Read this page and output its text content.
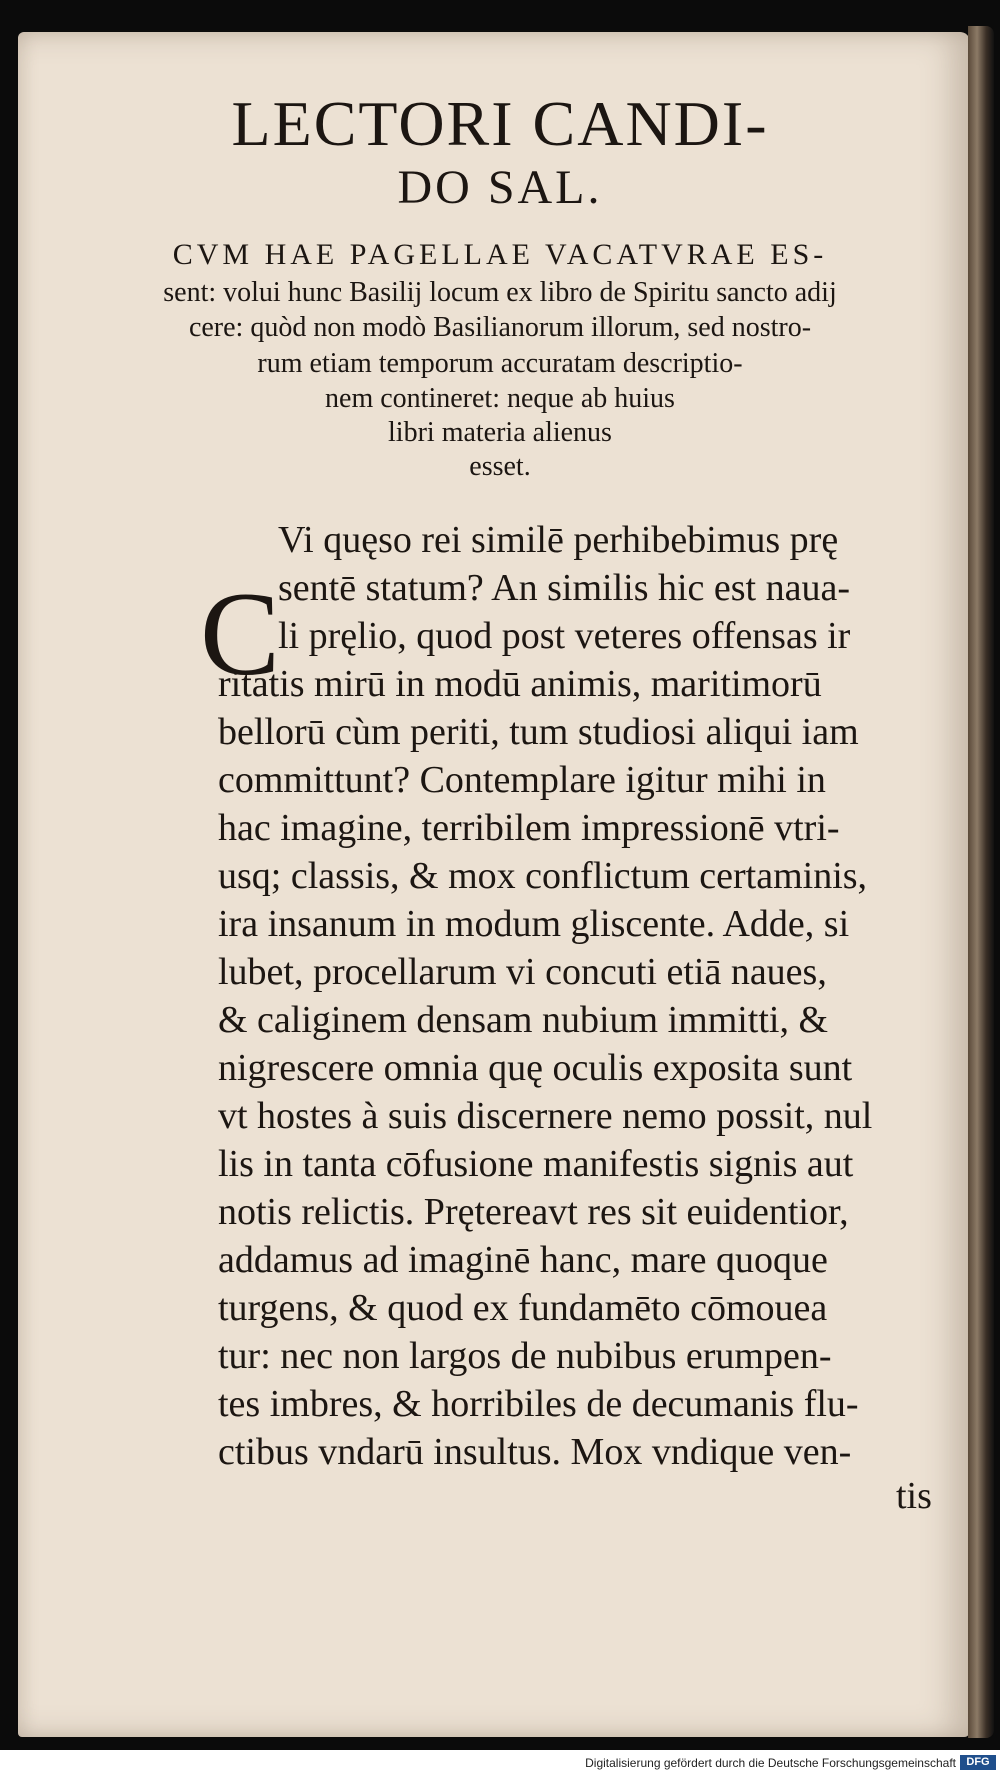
LECTORI CANDI-
DO SAL.
CVM HAE PAGELLAE VACATVRAE ES-
sent: volui hunc Basilij locum ex libro de Spiritu sancto adij
cere: quòd non modò Basilianorum illorum, sed nostro-
rum etiam temporum accuratam descriptio-
nem contineret: neque ab huius
libri materia alienus
esset.
C
Vi quęso rei similē perhibebimus prę
sentē statum? An similis hic est naua-
li pręlio, quod post veteres offensas ir
ritatis mirū in modū animis, maritimorū
bellorū cùm periti, tum studiosi aliqui iam
committunt? Contemplare igitur mihi in
hac imagine, terribilem impressionē vtri-
usq; classis, & mox conflictum certaminis,
ira insanum in modum gliscente. Adde, si
lubet, procellarum vi concuti etiā naues,
& caliginem densam nubium immitti, &
nigrescere omnia quę oculis exposita sunt
vt hostes à suis discernere nemo possit, nul
lis in tanta cōfusione manifestis signis aut
notis relictis. Prętereavt res sit euidentior,
addamus ad imaginē hanc, mare quoque
turgens, & quod ex fundamēto cōmouea
tur: nec non largos de nubibus erumpen-
tes imbres, & horribiles de decumanis flu-
ctibus vndarū insultus. Mox vndique ven-
tis
Digitalisierung gefördert durch die Deutsche Forschungsgemeinschaft DFG
